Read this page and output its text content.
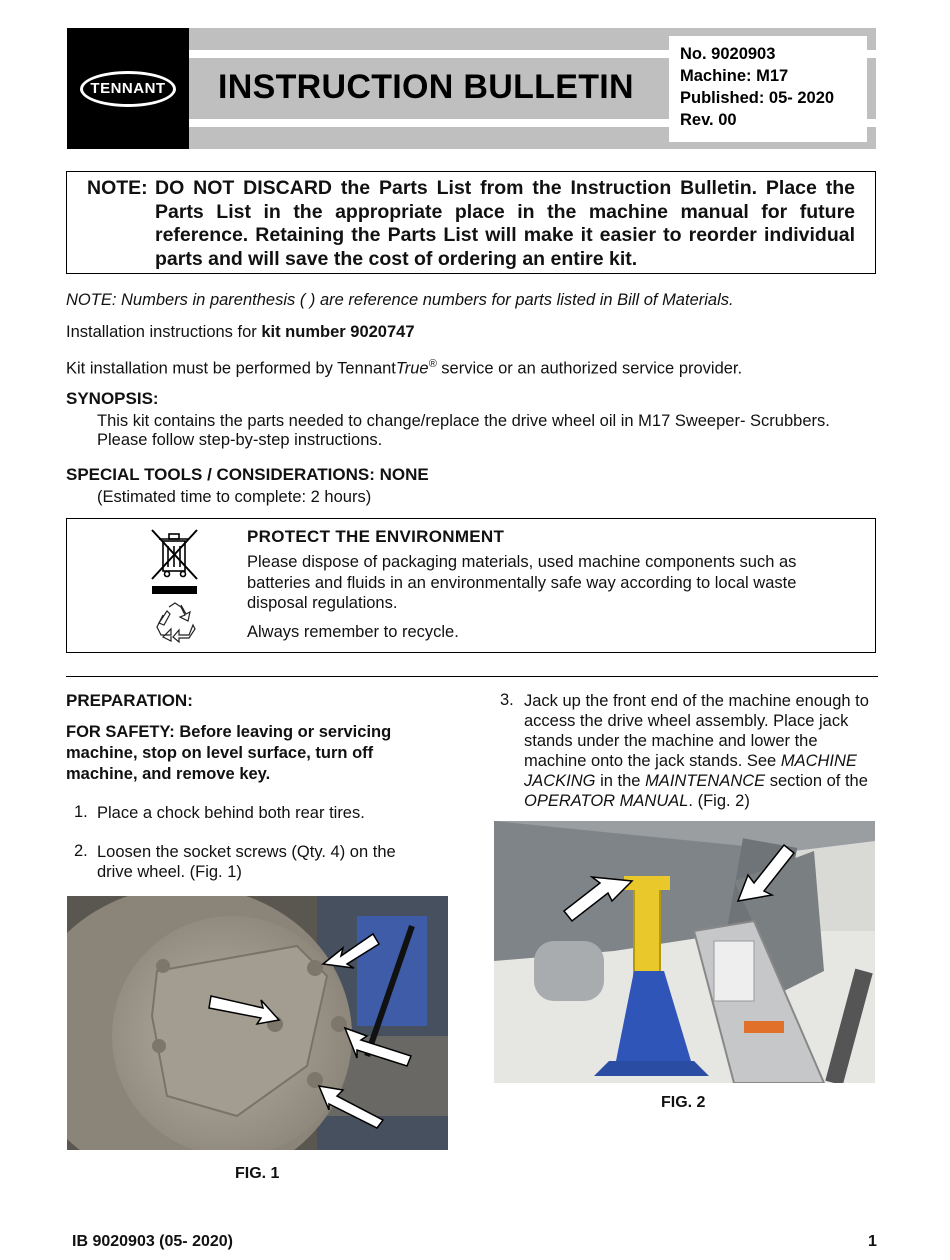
TENNANT INSTRUCTION BULLETIN
No. 9020903
Machine: M17
Published: 05- 2020
Rev. 00
NOTE: DO NOT DISCARD the Parts List from the Instruction Bulletin. Place the Parts List in the appropriate place in the machine manual for future reference. Retaining the Parts List will make it easier to reorder individual parts and will save the cost of ordering an entire kit.
NOTE: Numbers in parenthesis ( ) are reference numbers for parts listed in Bill of Materials.
Installation instructions for kit number 9020747
Kit installation must be performed by TennantTrue® service or an authorized service provider.
SYNOPSIS:
This kit contains the parts needed to change/replace the drive wheel oil in M17 Sweeper- Scrubbers.
Please follow step-by-step instructions.
SPECIAL TOOLS / CONSIDERATIONS: NONE
(Estimated time to complete: 2 hours)
PROTECT THE ENVIRONMENT
Please dispose of packaging materials, used machine components such as batteries and fluids in an environmentally safe way according to local waste disposal regulations.
Always remember to recycle.
PREPARATION:
FOR SAFETY: Before leaving or servicing machine, stop on level surface, turn off machine, and remove key.
1. Place a chock behind both rear tires.
2. Loosen the socket screws (Qty. 4) on the drive wheel. (Fig. 1)
FIG. 1
3. Jack up the front end of the machine enough to access the drive wheel assembly. Place jack stands under the machine and lower the machine onto the jack stands. See MACHINE JACKING in the MAINTENANCE section of the OPERATOR MANUAL. (Fig. 2)
FIG. 2
IB 9020903 (05- 2020)	1
